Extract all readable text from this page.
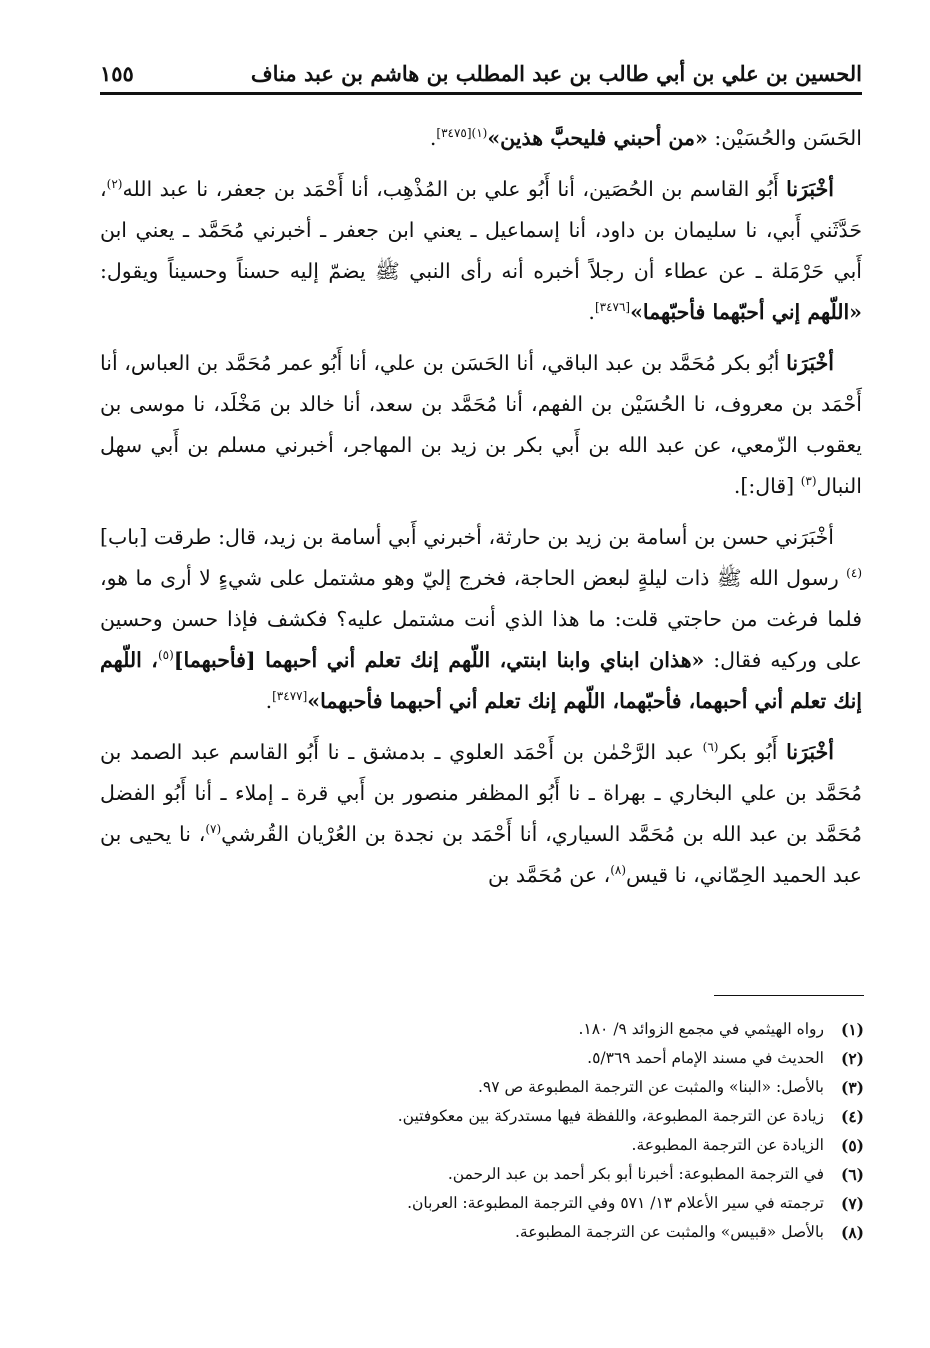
الحسين بن علي بن أبي طالب بن عبد المطلب بن هاشم بن عبد مناف
١٥٥

الحَسَن والحُسَيْن: «من أحبني فليحبَّ هذين»$^{(١)[٣٤٧٥]}$.

أخْبَرَنا أَبُو القاسم بن الحُصَين، أنا أَبُو علي بن المُذْهِب، أنا أَحْمَد بن جعفر، نا عبد الله$^{(٢)}$، حَدَّثَني أَبي، نا سليمان بن داود، أنا إسماعيل ـ يعني ابن جعفر ـ أخبرني مُحَمَّد ـ يعني ابن أَبي حَرْمَلة ـ عن عطاء أن رجلاً أخبره أنه رأى النبي ﷺ يضمّ إليه حسناً وحسيناً ويقول: «اللّهم إني أحبّهما فأحبّهما»[٣٤٧٦].

أخْبَرَنا أبُو بكر مُحَمَّد بن عبد الباقي، أنا الحَسَن بن علي، أنا أَبُو عمر مُحَمَّد بن العباس، أنا أَحْمَد بن معروف، نا الحُسَيْن بن الفهم، أنا مُحَمَّد بن سعد، أنا خالد بن مَخْلَد، نا موسى بن يعقوب الزّمعي، عن عبد الله بن أَبي بكر بن زيد بن المهاجر، أخبرني مسلم بن أَبي سهل النبال$^{(٣)}$ [قال:].

أخْبَرَني حسن بن أسامة بن زيد بن حارثة، أخبرني أَبي أسامة بن زيد، قال: طرقت [باب]$^{(٤)}$ رسول الله ﷺ ذات ليلةٍ لبعض الحاجة، فخرج إليّ وهو مشتمل على شيءٍ لا أرى ما هو، فلما فرغت من حاجتي قلت: ما هذا الذي أنت مشتمل عليه؟ فكشف فإذا حسن وحسين على وركيه فقال: «هذان ابناي وابنا ابنتي، اللّهم إنك تعلم أني أحبهما [فأحبهما]$^{(٥)}$، اللّهم إنك تعلم أني أحبهما، فأحبّهما، اللّهم إنك تعلم أني أحبهما فأحبهما»[٣٤٧٧].

أخْبَرَنا أَبُو بكر$^{(٦)}$ عبد الرَّحْمٰن بن أَحْمَد العلوي ـ بدمشق ـ نا أَبُو القاسم عبد الصمد بن مُحَمَّد بن علي البخاري ـ بهراة ـ نا أَبُو المظفر منصور بن أَبي قرة ـ إملاء ـ أنا أَبُو الفضل مُحَمَّد بن عبد الله بن مُحَمَّد السياري، أنا أَحْمَد بن نجدة بن العُرْيان القُرشي$^{(٧)}$، نا يحيى بن عبد الحميد الحِمّاني، نا قيس$^{(٨)}$، عن مُحَمَّد بن

(١)
رواه الهيثمي في مجمع الزوائد ٩/ ١٨٠.
(٢)
الحديث في مسند الإمام أحمد ٥/٣٦٩.
(٣)
بالأصل: «البنا» والمثبت عن الترجمة المطبوعة ص ٩٧.
(٤)
زيادة عن الترجمة المطبوعة، واللفظة فيها مستدركة بين معكوفتين.
(٥)
الزيادة عن الترجمة المطبوعة.
(٦)
في الترجمة المطبوعة: أخبرنا أبو بكر أحمد بن عبد الرحمن.
(٧)
ترجمته في سير الأعلام ١٣/ ٥٧١ وفي الترجمة المطبوعة: العربان.
(٨)
بالأصل «قبيس» والمثبت عن الترجمة المطبوعة.
